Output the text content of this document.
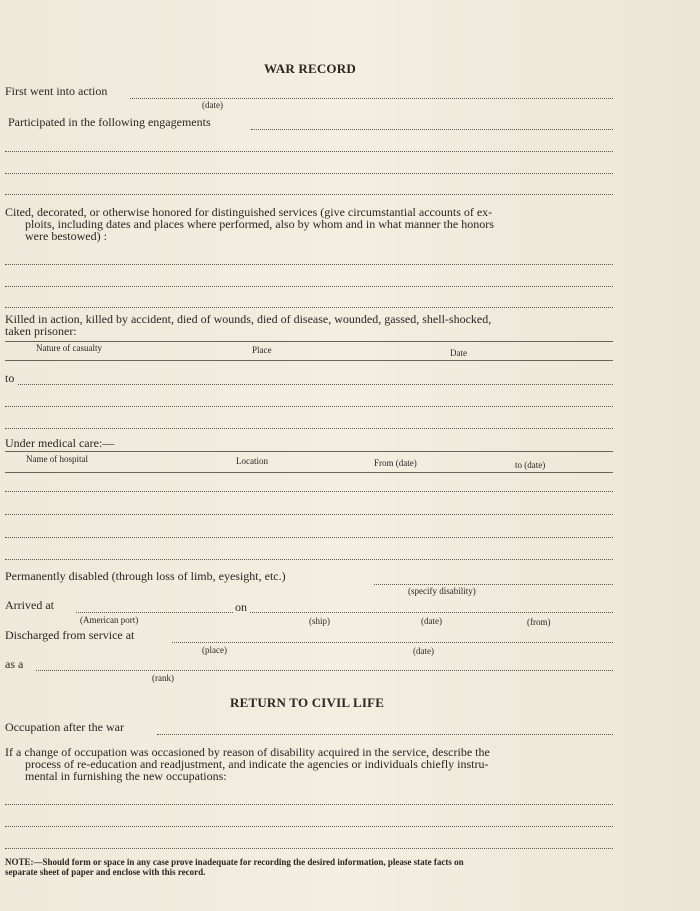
WAR RECORD
First went into action
(date)
Participated in the following engagements
Cited, decorated, or otherwise honored for distinguished services (give circumstantial accounts of ex-
ploits, including dates and places where performed, also by whom and in what manner the honors
were bestowed) :
Killed in action, killed by accident, died of wounds, died of disease, wounded, gassed, shell-shocked,
taken prisoner:
Nature of casualty	Place	Date
to
Under medical care:—
Name of hospital	Location	From (date)	to (date)
Permanently disabled (through loss of limb, eyesight, etc.)
(specify disability)
Arrived at	on
(American port)	(ship)	(date)	(from)
Discharged from service at
(place)	(date)
as a
(rank)
RETURN TO CIVIL LIFE
Occupation after the war
If a change of occupation was occasioned by reason of disability acquired in the service, describe the
process of re-education and readjustment, and indicate the agencies or individuals chiefly instru-
mental in furnishing the new occupations:
NOTE:—Should form or space in any case prove inadequate for recording the desired information, please state facts on
separate sheet of paper and enclose with this record.
